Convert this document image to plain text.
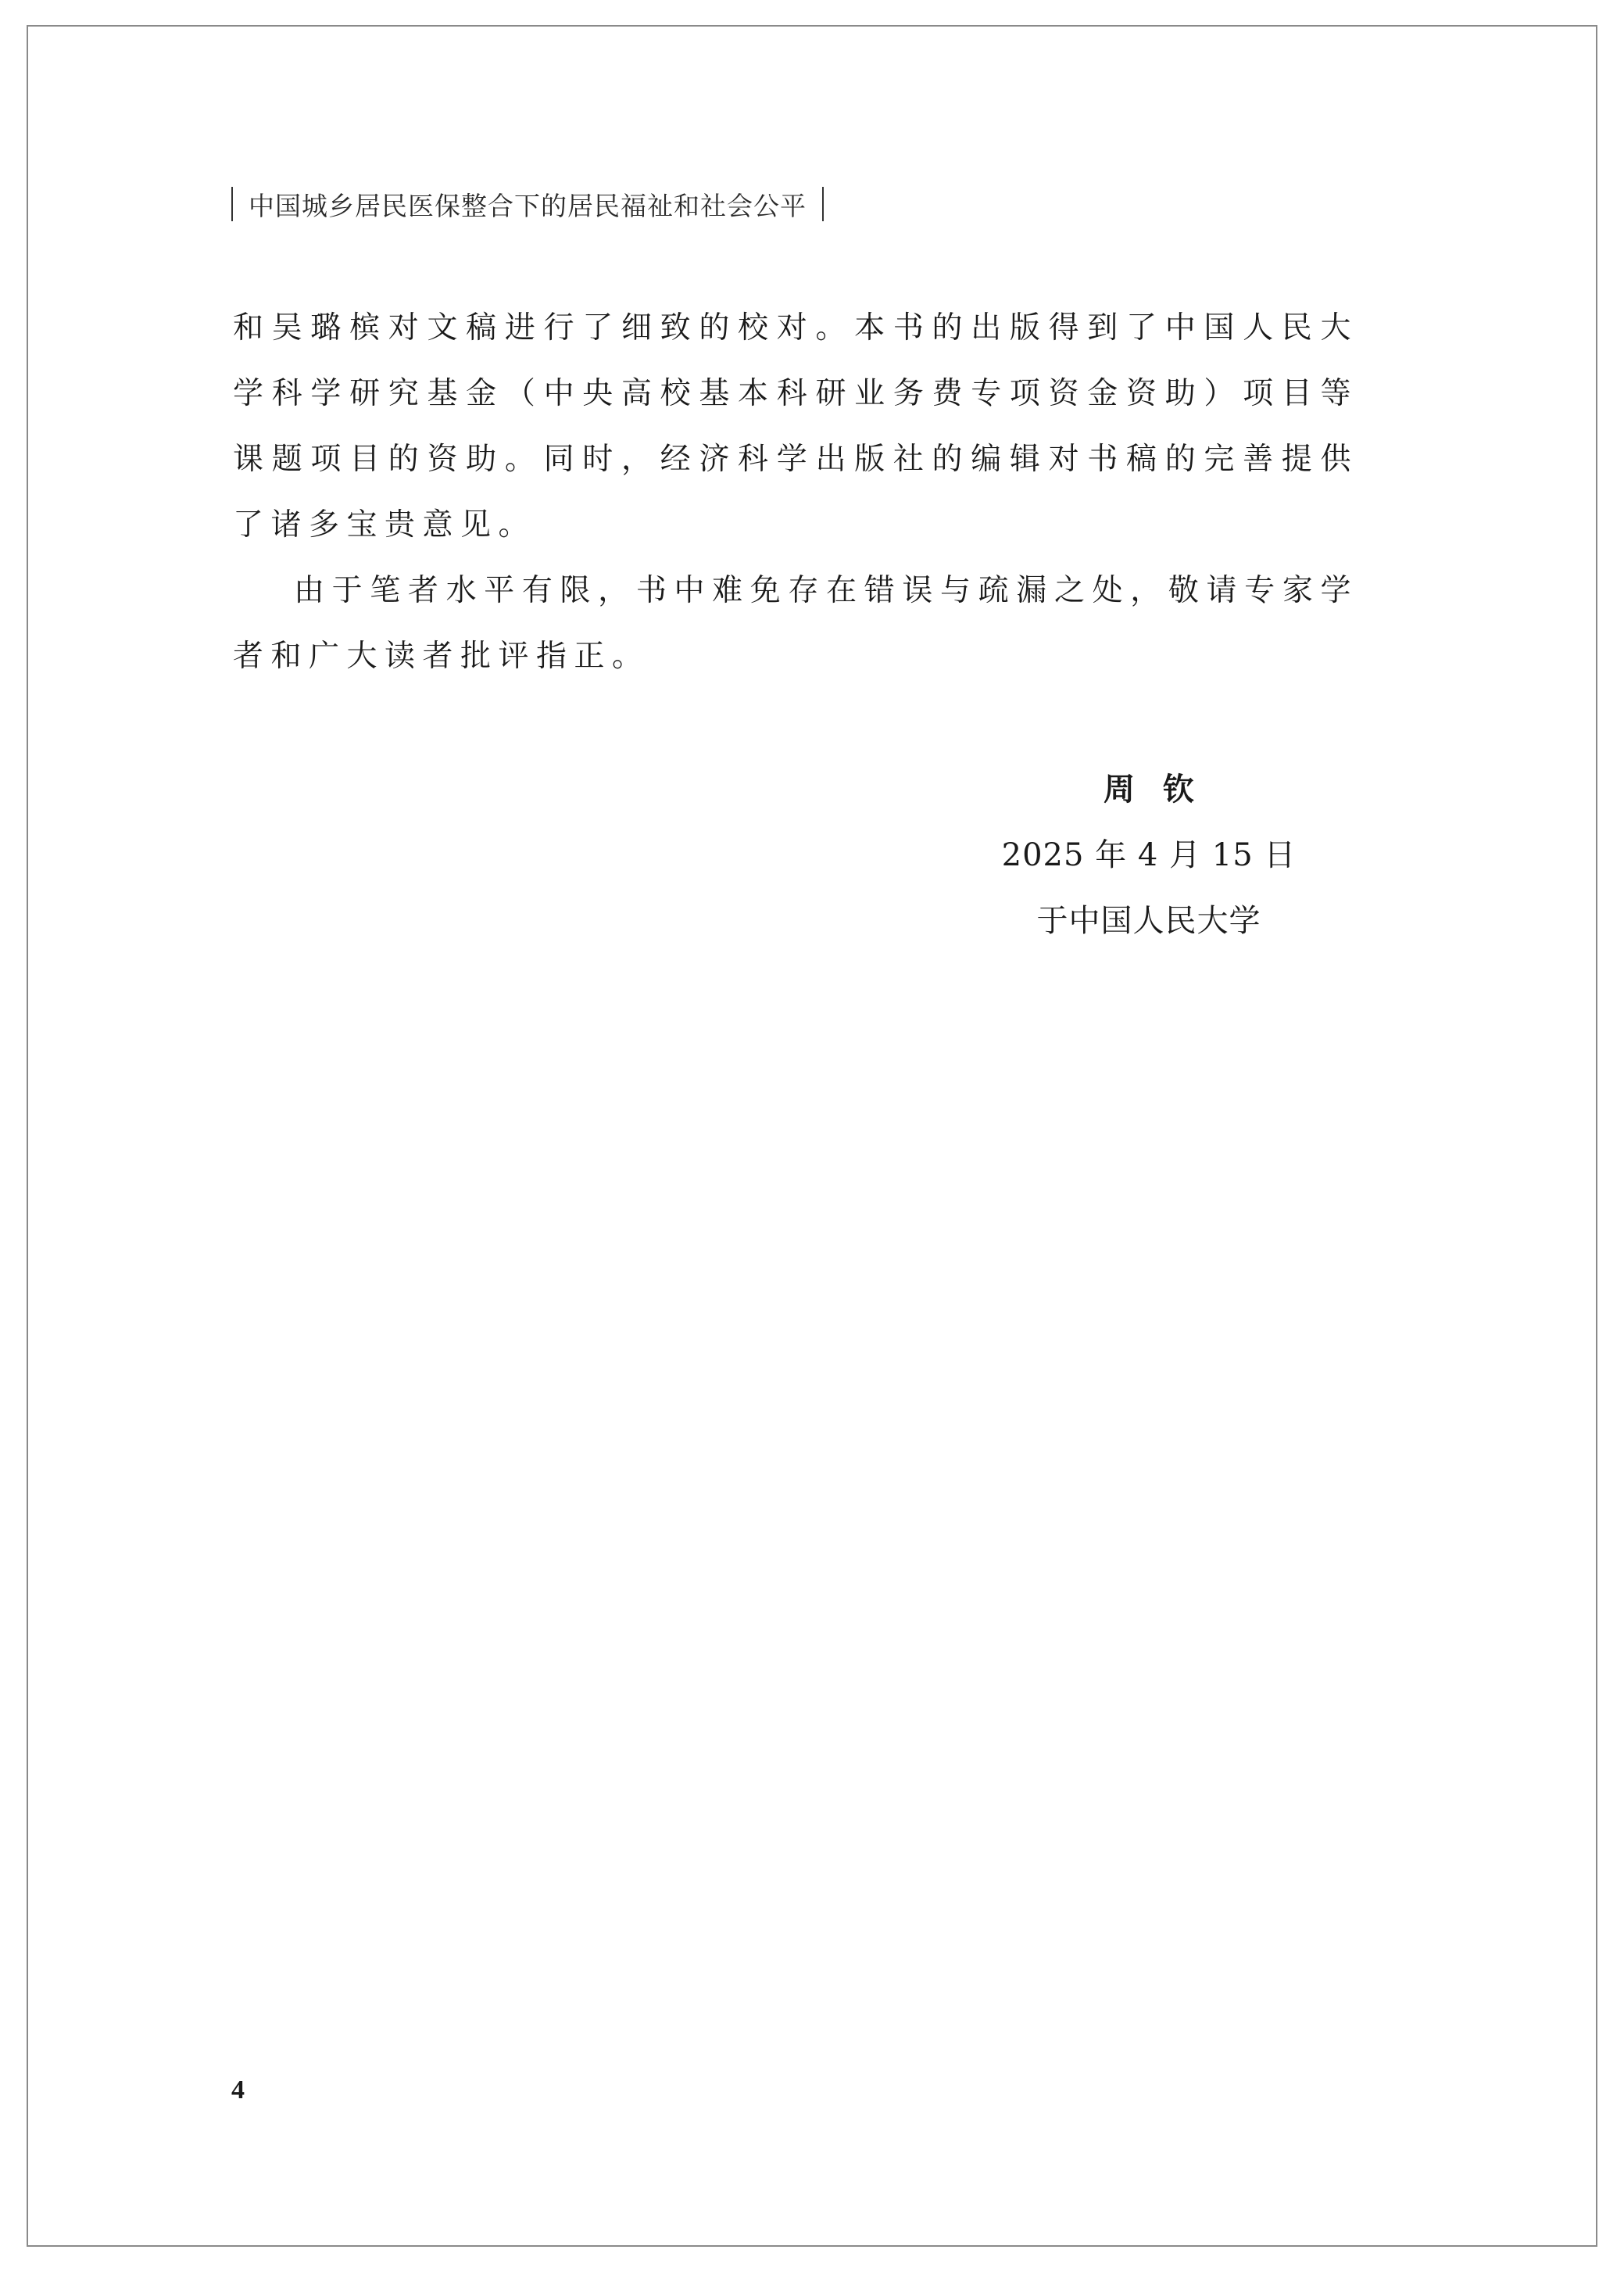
中国城乡居民医保整合下的居民福祉和社会公平

和吴璐槟对文稿进行了细致的校对。本书的出版得到了中国人民大学科学研究基金（中央高校基本科研业务费专项资金资助）项目等课题项目的资助。同时，经济科学出版社的编辑对书稿的完善提供了诸多宝贵意见。

由于笔者水平有限，书中难免存在错误与疏漏之处，敬请专家学者和广大读者批评指正。

周钦
2025 年 4 月 15 日
于中国人民大学
4
